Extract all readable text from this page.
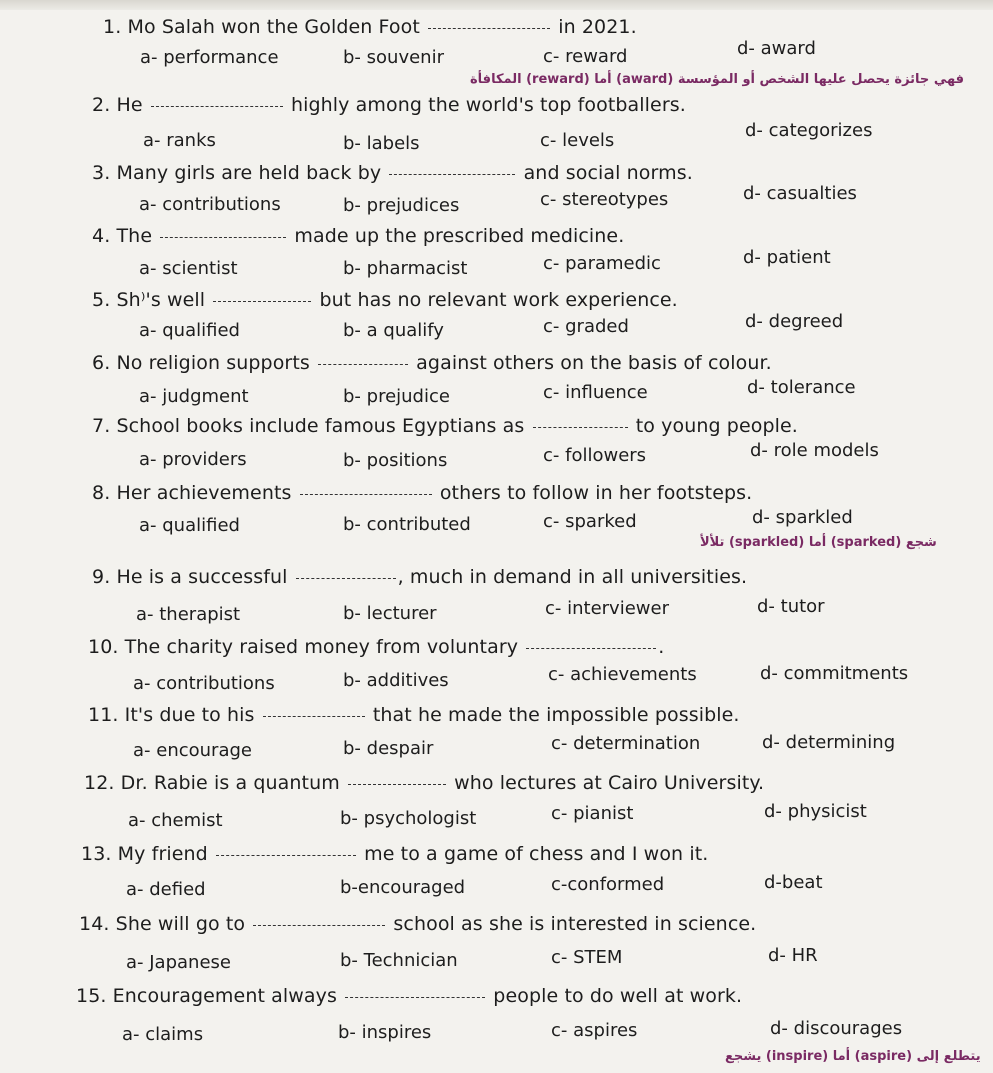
1. Mo Salah won the Golden Foot	in 2021.
a- performance	b- souvenir	c- reward	d- award
المكافأة (reward) أما (award) فهي جائزة يحصل عليها الشخص أو المؤسسة
2. He	highly among the world's top footballers.
a- ranks	b- labels	c- levels	d- categorizes
3. Many girls are held back by	and social norms.
a- contributions	b- prejudices	c- stereotypes	d- casualties
4. The	made up the prescribed medicine.
a- scientist	b- pharmacist	c- paramedic	d- patient
5. Sh⁾'s well	but has no relevant work experience.
a- qualified	b- a qualify	c- graded	d- degreed
6. No religion supports	against others on the basis of colour.
a- judgment	b- prejudice	c- influence	d- tolerance
7. School books include famous Egyptians as	to young people.
a- providers	b- positions	c- followers	d- role models
8. Her achievements	others to follow in her footsteps.
a- qualified	b- contributed	c- sparked	d- sparkled
تلألأ (sparkled) أما (sparked) شجع
9. He is a successful	, much in demand in all universities.
a- therapist	b- lecturer	c- interviewer	d- tutor
10. The charity raised money from voluntary	.
a- contributions	b- additives	c- achievements	d- commitments
11. It's due to his	that he made the impossible possible.
a- encourage	b- despair	c- determination	d- determining
12. Dr. Rabie is a quantum	who lectures at Cairo University.
a- chemist	b- psychologist	c- pianist	d- physicist
13. My friend	me to a game of chess and I won it.
a- defied	b-encouraged	c-conformed	d-beat
14. She will go to	school as she is interested in science.
a- Japanese	b- Technician	c- STEM	d- HR
15. Encouragement always	people to do well at work.
a- claims	b- inspires	c- aspires	d- discourages
يشجع (inspire) أما (aspire) يتطلع إلى
